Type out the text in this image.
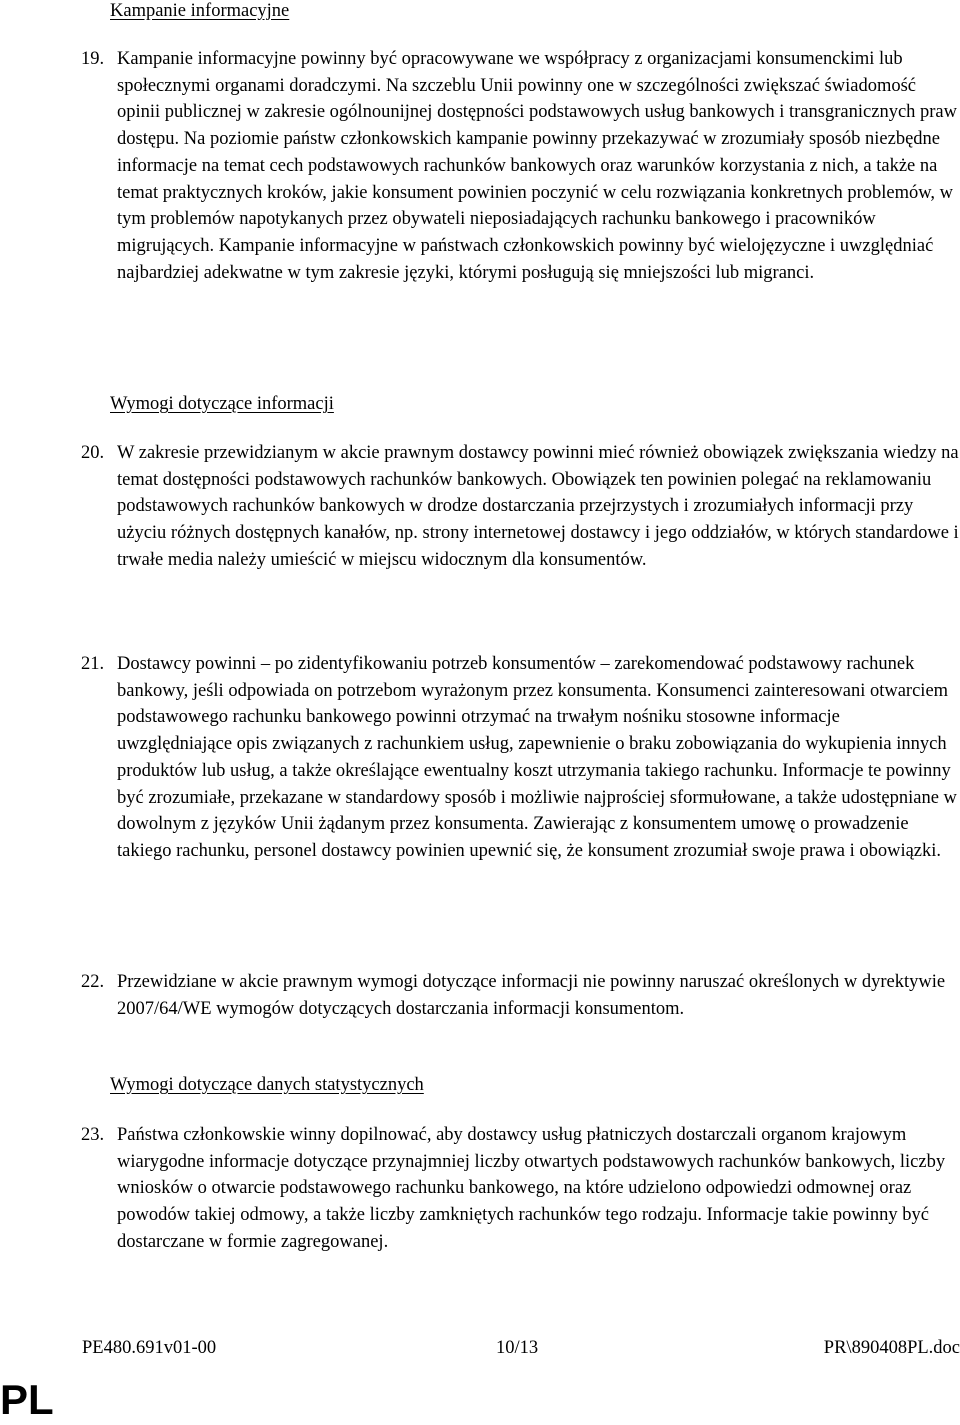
Kampanie informacyjne
19. Kampanie informacyjne powinny być opracowywane we współpracy z organizacjami konsumenckimi lub społecznymi organami doradczymi. Na szczeblu Unii powinny one w szczególności zwiększać świadomość opinii publicznej w zakresie ogólnounijnej dostępności podstawowych usług bankowych i transgranicznych praw dostępu. Na poziomie państw członkowskich kampanie powinny przekazywać w zrozumiały sposób niezbędne informacje na temat cech podstawowych rachunków bankowych oraz warunków korzystania z nich, a także na temat praktycznych kroków, jakie konsument powinien poczynić w celu rozwiązania konkretnych problemów, w tym problemów napotykanych przez obywateli nieposiadających rachunku bankowego i pracowników migrujących. Kampanie informacyjne w państwach członkowskich powinny być wielojęzyczne i uwzględniać najbardziej adekwatne w tym zakresie języki, którymi posługują się mniejszości lub migranci.
Wymogi dotyczące informacji
20. W zakresie przewidzianym w akcie prawnym dostawcy powinni mieć również obowiązek zwiększania wiedzy na temat dostępności podstawowych rachunków bankowych. Obowiązek ten powinien polegać na reklamowaniu podstawowych rachunków bankowych w drodze dostarczania przejrzystych i zrozumiałych informacji przy użyciu różnych dostępnych kanałów, np. strony internetowej dostawcy i jego oddziałów, w których standardowe i trwałe media należy umieścić w miejscu widocznym dla konsumentów.
21. Dostawcy powinni – po zidentyfikowaniu potrzeb konsumentów – zarekomendować podstawowy rachunek bankowy, jeśli odpowiada on potrzebom wyrażonym przez konsumenta. Konsumenci zainteresowani otwarciem podstawowego rachunku bankowego powinni otrzymać na trwałym nośniku stosowne informacje uwzględniające opis związanych z rachunkiem usług, zapewnienie o braku zobowiązania do wykupienia innych produktów lub usług, a także określające ewentualny koszt utrzymania takiego rachunku. Informacje te powinny być zrozumiałe, przekazane w standardowy sposób i możliwie najprościej sformułowane, a także udostępniane w dowolnym z języków Unii żądanym przez konsumenta. Zawierając z konsumentem umowę o prowadzenie takiego rachunku, personel dostawcy powinien upewnić się, że konsument zrozumiał swoje prawa i obowiązki.
22. Przewidziane w akcie prawnym wymogi dotyczące informacji nie powinny naruszać określonych w dyrektywie 2007/64/WE wymogów dotyczących dostarczania informacji konsumentom.
Wymogi dotyczące danych statystycznych
23. Państwa członkowskie winny dopilnować, aby dostawcy usług płatniczych dostarczali organom krajowym wiarygodne informacje dotyczące przynajmniej liczby otwartych podstawowych rachunków bankowych, liczby wniosków o otwarcie podstawowego rachunku bankowego, na które udzielono odpowiedzi odmownej oraz powodów takiej odmowy, a także liczby zamkniętych rachunków tego rodzaju. Informacje takie powinny być dostarczane w formie zagregowanej.
PE480.691v01-00	10/13	PR\890408PL.doc
PL
